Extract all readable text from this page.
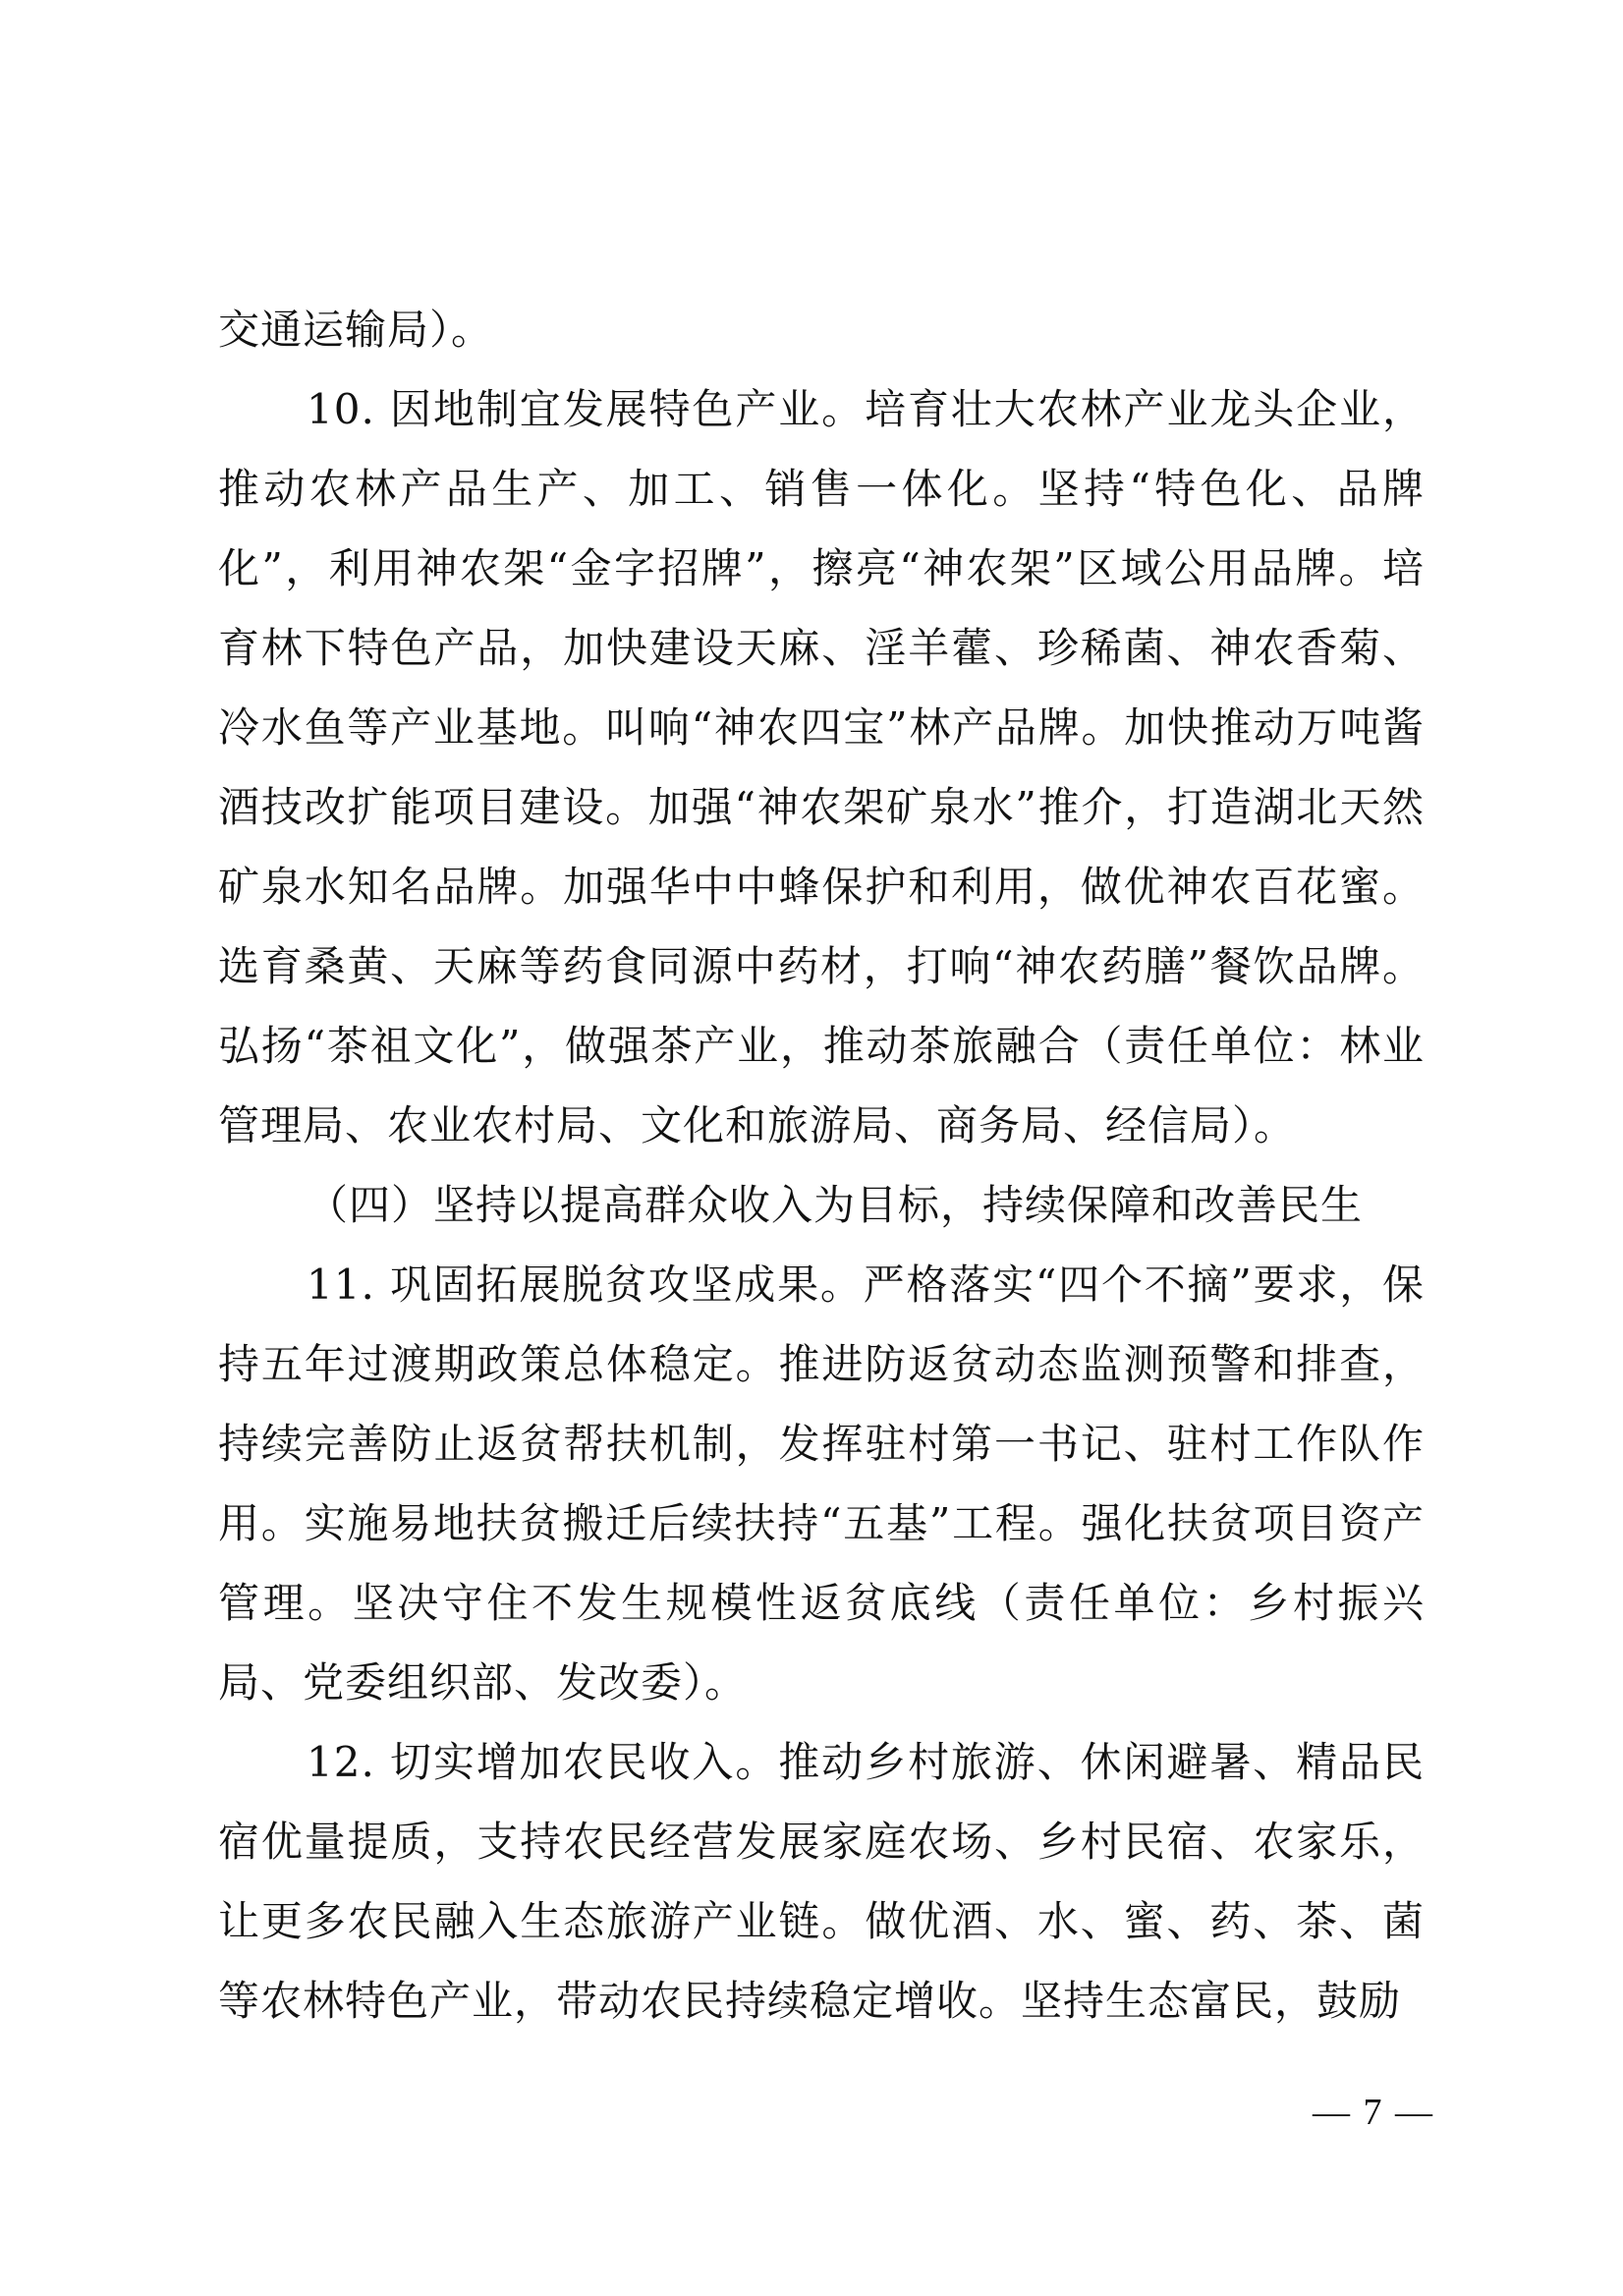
交通运输局）。

10. 因地制宜发展特色产业。培育壮大农林产业龙头企业，推动农林产品生产、加工、销售一体化。坚持“特色化、品牌化”，利用神农架“金字招牌”，擦亮“神农架”区域公用品牌。培育林下特色产品，加快建设天麻、淫羊藿、珍稀菌、神农香菊、冷水鱼等产业基地。叫响“神农四宝”林产品牌。加快推动万吨酱酒技改扩能项目建设。加强“神农架矿泉水”推介，打造湖北天然矿泉水知名品牌。加强华中中蜂保护和利用，做优神农百花蜜。选育桑黄、天麻等药食同源中药材，打响“神农药膳”餐饮品牌。弘扬“茶祖文化”，做强茶产业，推动茶旅融合（责任单位：林业管理局、农业农村局、文化和旅游局、商务局、经信局）。

（四）坚持以提高群众收入为目标，持续保障和改善民生

11. 巩固拓展脱贫攻坚成果。严格落实“四个不摘”要求，保持五年过渡期政策总体稳定。推进防返贫动态监测预警和排查，持续完善防止返贫帮扶机制，发挥驻村第一书记、驻村工作队作用。实施易地扶贫搬迁后续扶持“五基”工程。强化扶贫项目资产管理。坚决守住不发生规模性返贫底线（责任单位：乡村振兴局、党委组织部、发改委）。

12. 切实增加农民收入。推动乡村旅游、休闲避暑、精品民宿优量提质，支持农民经营发展家庭农场、乡村民宿、农家乐，让更多农民融入生态旅游产业链。做优酒、水、蜜、药、茶、菌等农林特色产业，带动农民持续稳定增收。坚持生态富民，鼓励

— 7 —
